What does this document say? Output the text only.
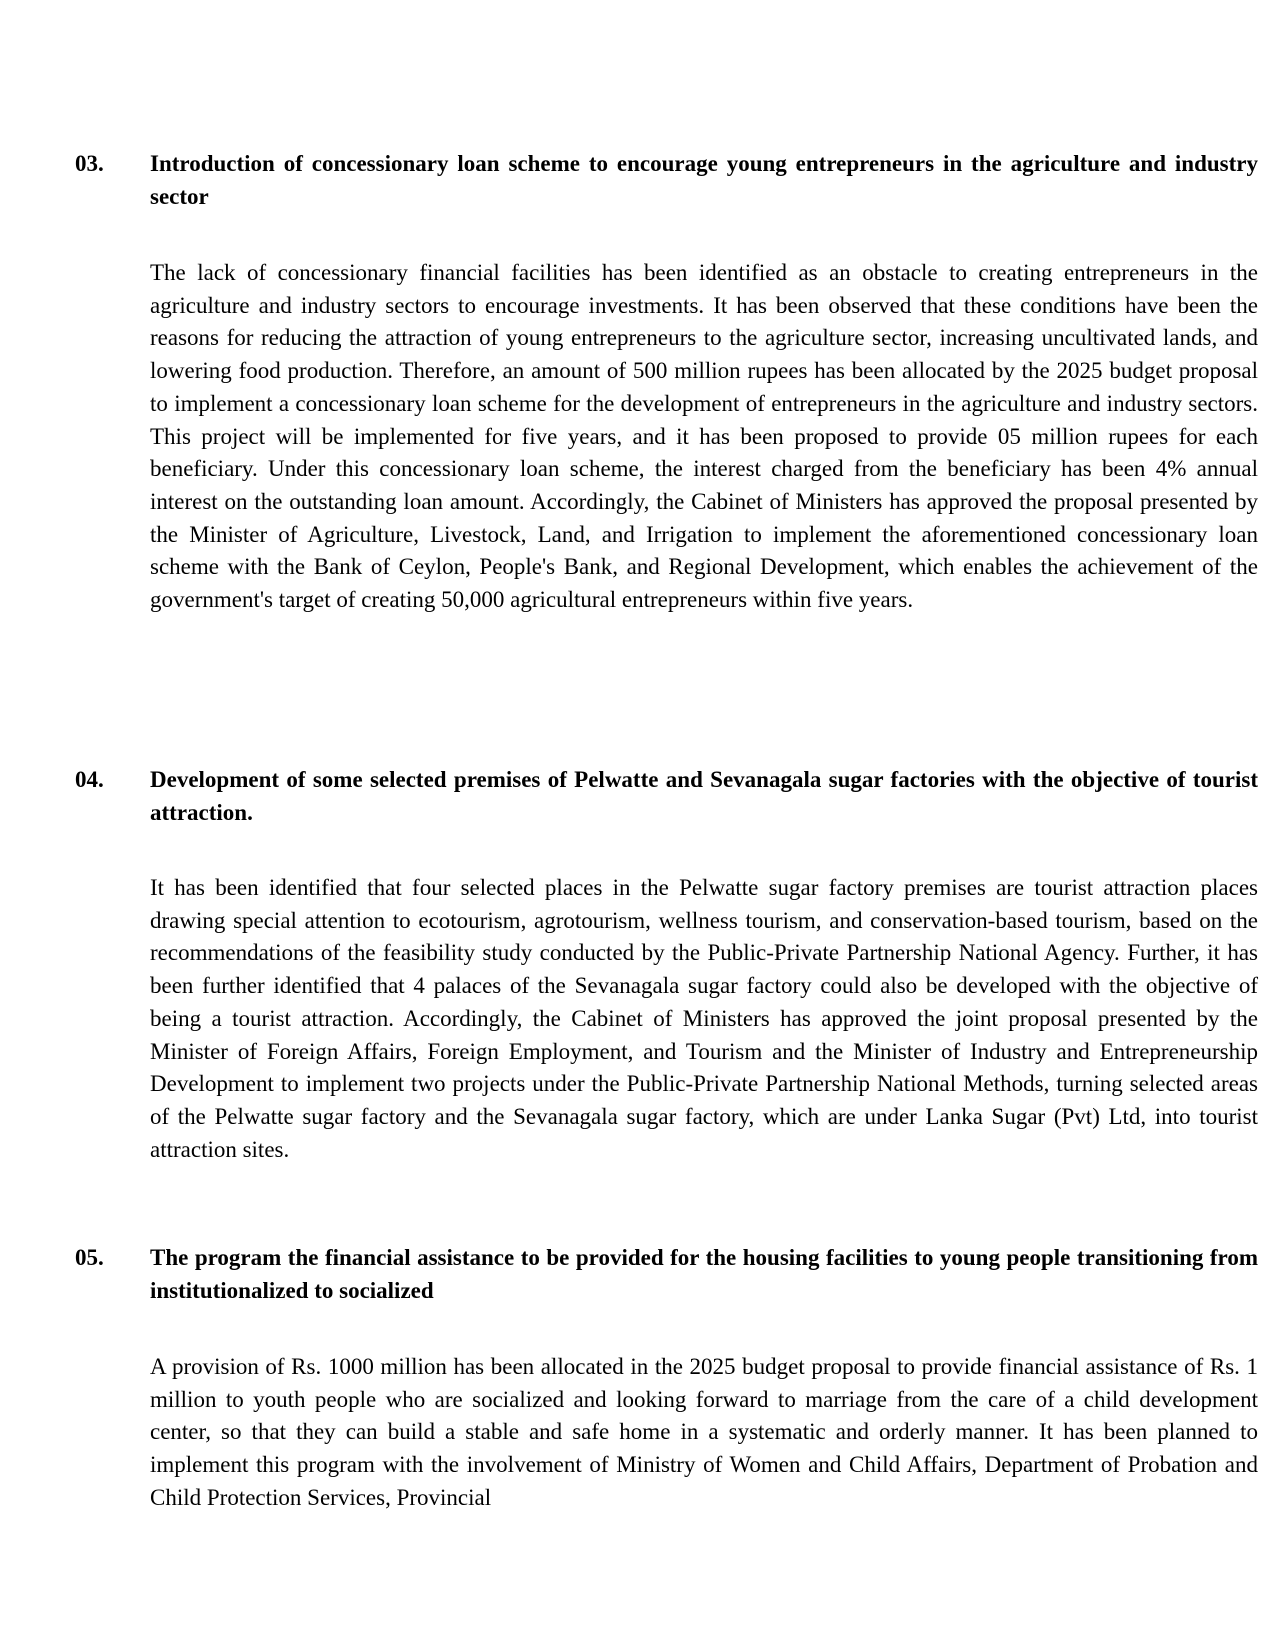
03. Introduction of concessionary loan scheme to encourage young entrepreneurs in the agriculture and industry sector

The lack of concessionary financial facilities has been identified as an obstacle to creating entrepreneurs in the agriculture and industry sectors to encourage investments. It has been observed that these conditions have been the reasons for reducing the attraction of young entrepreneurs to the agriculture sector, increasing uncultivated lands, and lowering food production. Therefore, an amount of 500 million rupees has been allocated by the 2025 budget proposal to implement a concessionary loan scheme for the development of entrepreneurs in the agriculture and industry sectors. This project will be implemented for five years, and it has been proposed to provide 05 million rupees for each beneficiary. Under this concessionary loan scheme, the interest charged from the beneficiary has been 4% annual interest on the outstanding loan amount. Accordingly, the Cabinet of Ministers has approved the proposal presented by the Minister of Agriculture, Livestock, Land, and Irrigation to implement the aforementioned concessionary loan scheme with the Bank of Ceylon, People's Bank, and Regional Development, which enables the achievement of the government's target of creating 50,000 agricultural entrepreneurs within five years.

04. Development of some selected premises of Pelwatte and Sevanagala sugar factories with the objective of tourist attraction.

It has been identified that four selected places in the Pelwatte sugar factory premises are tourist attraction places drawing special attention to ecotourism, agrotourism, wellness tourism, and conservation-based tourism, based on the recommendations of the feasibility study conducted by the Public-Private Partnership National Agency. Further, it has been further identified that 4 palaces of the Sevanagala sugar factory could also be developed with the objective of being a tourist attraction. Accordingly, the Cabinet of Ministers has approved the joint proposal presented by the Minister of Foreign Affairs, Foreign Employment, and Tourism and the Minister of Industry and Entrepreneurship Development to implement two projects under the Public-Private Partnership National Methods, turning selected areas of the Pelwatte sugar factory and the Sevanagala sugar factory, which are under Lanka Sugar (Pvt) Ltd, into tourist attraction sites.

05. The program the financial assistance to be provided for the housing facilities to young people transitioning from institutionalized to socialized

A provision of Rs. 1000 million has been allocated in the 2025 budget proposal to provide financial assistance of Rs. 1 million to youth people who are socialized and looking forward to marriage from the care of a child development center, so that they can build a stable and safe home in a systematic and orderly manner. It has been planned to implement this program with the involvement of Ministry of Women and Child Affairs, Department of Probation and Child Protection Services, Provincial
